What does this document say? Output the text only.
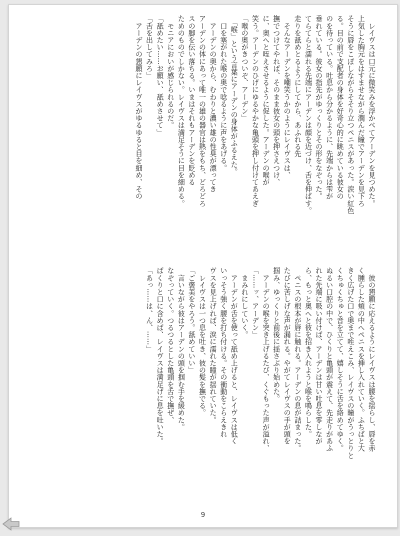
　レイヴスは口元に微笑みを浮かべてアーデンを見つめた。

上気した胸元をはすませながら潤んだ瞳でアーデンを見下ろ

そうに唇をこぼしながらそそり立つペニスがあった。涙い紅色

る。目の前で支配者の身体を好奇心的に眺めている彼女の

のを待っている。吐息から分かるように、先端からは雫が

垂れている。彼女の指先がゆっくりとその形をなぞった。

てらてらと濡れる先端にアーデンは顔を近づけ、舌を伸ばす。

走りを舐めとるようにしてから、あふれる先

　そんなアーデンを嘲笑うかのようにレイヴスは、

撫でつけてやれば、そのまま彼女の頭を押さえつけ、

に、奥へと咥えさせるように促した。アーデンの喉が

笑う。アーデンのひげにゆるやかな亀頭を押し付けてあえぎ

「喉の奥がきついぞ、アーデン」

　「喉」という言葉にアーデンの身体がふるえた。

　口を塞がれた喉の奥で唸るように声をあげる。

　アーデンの奥から、むわりと濃い雄の性臭が漂ってき

アーデンの体にあって唯一の雄の器官は熱をもち、どろどろ

スの脚を伝い落ちる。いまはそれもアーデンを貶める

ためのものでしかない。レイヴスは満足そうに目を細める。

　モニアにおいが感じられるのだ。

「舐めたい……お願い、舐めさせて」

「舌を出してみろ」

　アーデンの懇願にレイヴスがゆるゆると目を細め、その

　彼の懇願に応えるようにレイヴスは腰を揺らし、唇を赤

く腫らした頬の中へペニスを挿し入れていく。ふちばと大

きく広げた口で奥まで咥えこみ、レイヴスの瞳がうっとりと

くちゅくちゅと音を立てて、嬉しそうに舌を絡めてゆく。

ぬるい口腔の中で、ひくりと亀頭が震えて、先走りがあふ

れた先端に吸い付けば、アーデンは甘い吐息を零しなが

ら、もっと奥へと彼を招き入れようと喉を鳴らした。

　ペニスの根本が唇に触れる。アーデンの息が詰まった。

たびに苦しげな声が漏れる。やがてレイヴスの手が頭を

掴み、ゆっくりと前後に揺さぶり始めた。

　アーデンの喉を突き上げるたび、くぐもった声が溢れ、

「……ッ、アーデン」

　まみれにしていく。

　アーデンが舌を使って舐め上げると、レイヴスは低く

いっそう強く腰を打ち付ける。その衝動をこらえきれ

ヴスを見上げれば、涙に濡れた瞳が揺れていた。

　レイヴスは一つ息を吐き、彼の髪を撫でる。

「ご褒美をやろう。舐めていい」

　言いながら彼はアーデンの頭を掴む手を緩めた。

なぞっていく。つるつるとした亀頭を舌で撫ぜ、

ぱくりと口に含めば、レイヴスは満足げに息を吐いた。

「あっ……は、ん、……」

9
